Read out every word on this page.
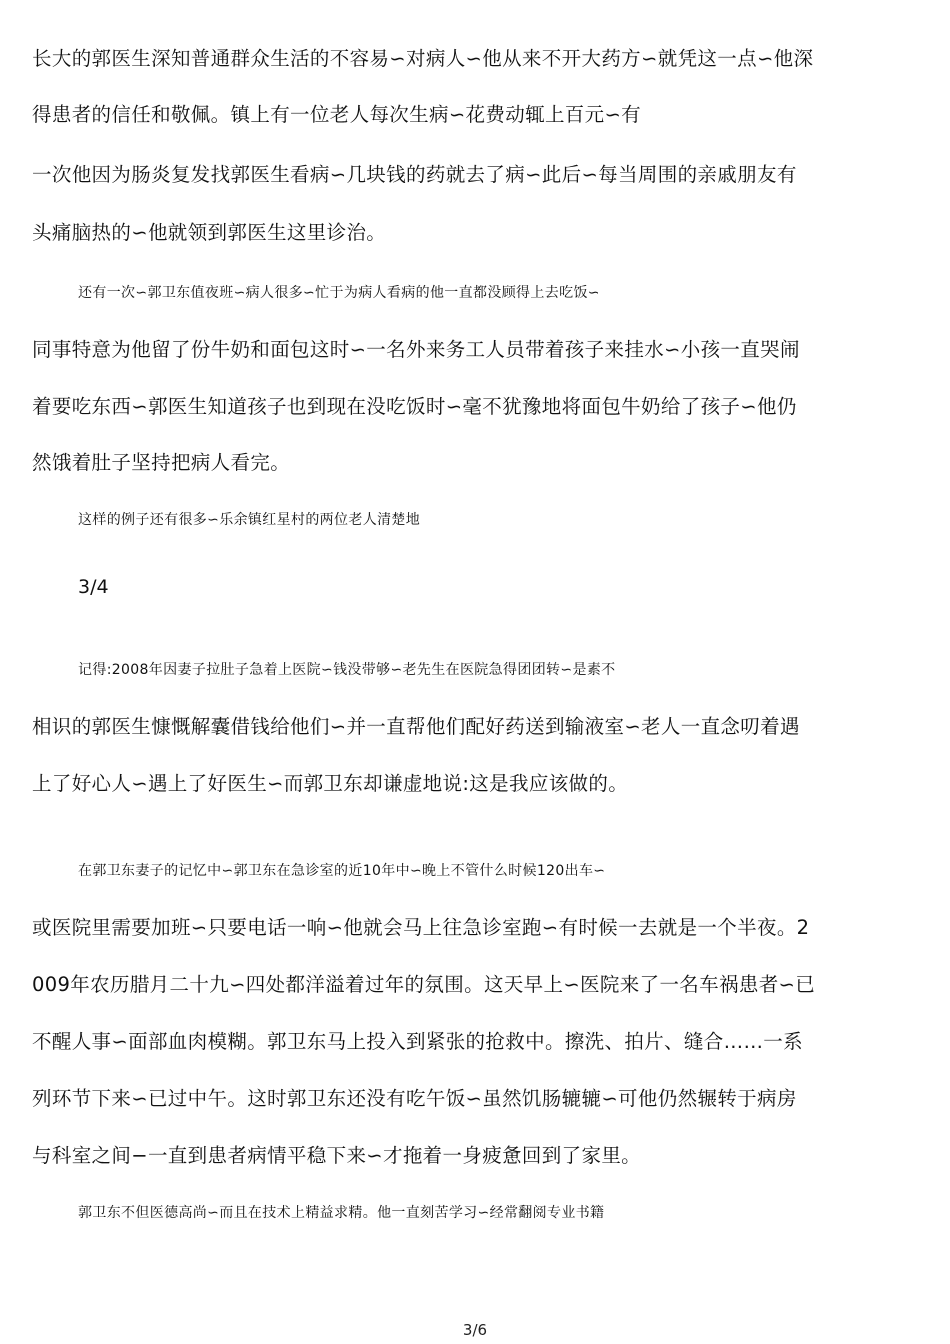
长大的郭医生深知普通群众生活的不容易∽对病人∽他从来不开大药方∽就凭这一点∽他深
得患者的信任和敬佩。镇上有一位老人每次生病∽花费动辄上百元∽有
一次他因为肠炎复发找郭医生看病∽几块钱的药就去了病∽此后∽每当周围的亲戚朋友有
头痛脑热的∽他就领到郭医生这里诊治。
还有一次∽郭卫东值夜班∽病人很多∽忙于为病人看病的他一直都没顾得上去吃饭∽
同事特意为他留了份牛奶和面包这时∽一名外来务工人员带着孩子来挂水∽小孩一直哭闹
着要吃东西∽郭医生知道孩子也到现在没吃饭时∽毫不犹豫地将面包牛奶给了孩子∽他仍
然饿着肚子坚持把病人看完。
这样的例子还有很多∽乐余镇红星村的两位老人清楚地
3/4
记得:2008年因妻子拉肚子急着上医院∽钱没带够∽老先生在医院急得团团转∽是素不
相识的郭医生慷慨解囊借钱给他们∽并一直帮他们配好药送到输液室∽老人一直念叨着遇
上了好心人∽遇上了好医生∽而郭卫东却谦虚地说:这是我应该做的。
在郭卫东妻子的记忆中∽郭卫东在急诊室的近10年中∽晚上不管什么时候120出车∽
或医院里需要加班∽只要电话一响∽他就会马上往急诊室跑∽有时候一去就是一个半夜。2
009年农历腊月二十九∽四处都洋溢着过年的氛围。这天早上∽医院来了一名车祸患者∽已
不醒人事∽面部血肉模糊。郭卫东马上投入到紧张的抢救中。擦洗、拍片、缝合……一系
列环节下来∽已过中午。这时郭卫东还没有吃午饭∽虽然饥肠辘辘∽可他仍然辗转于病房
与科室之间−一直到患者病情平稳下来∽才拖着一身疲惫回到了家里。
郭卫东不但医德高尚∽而且在技术上精益求精。他一直刻苦学习∽经常翻阅专业书籍
3/6
